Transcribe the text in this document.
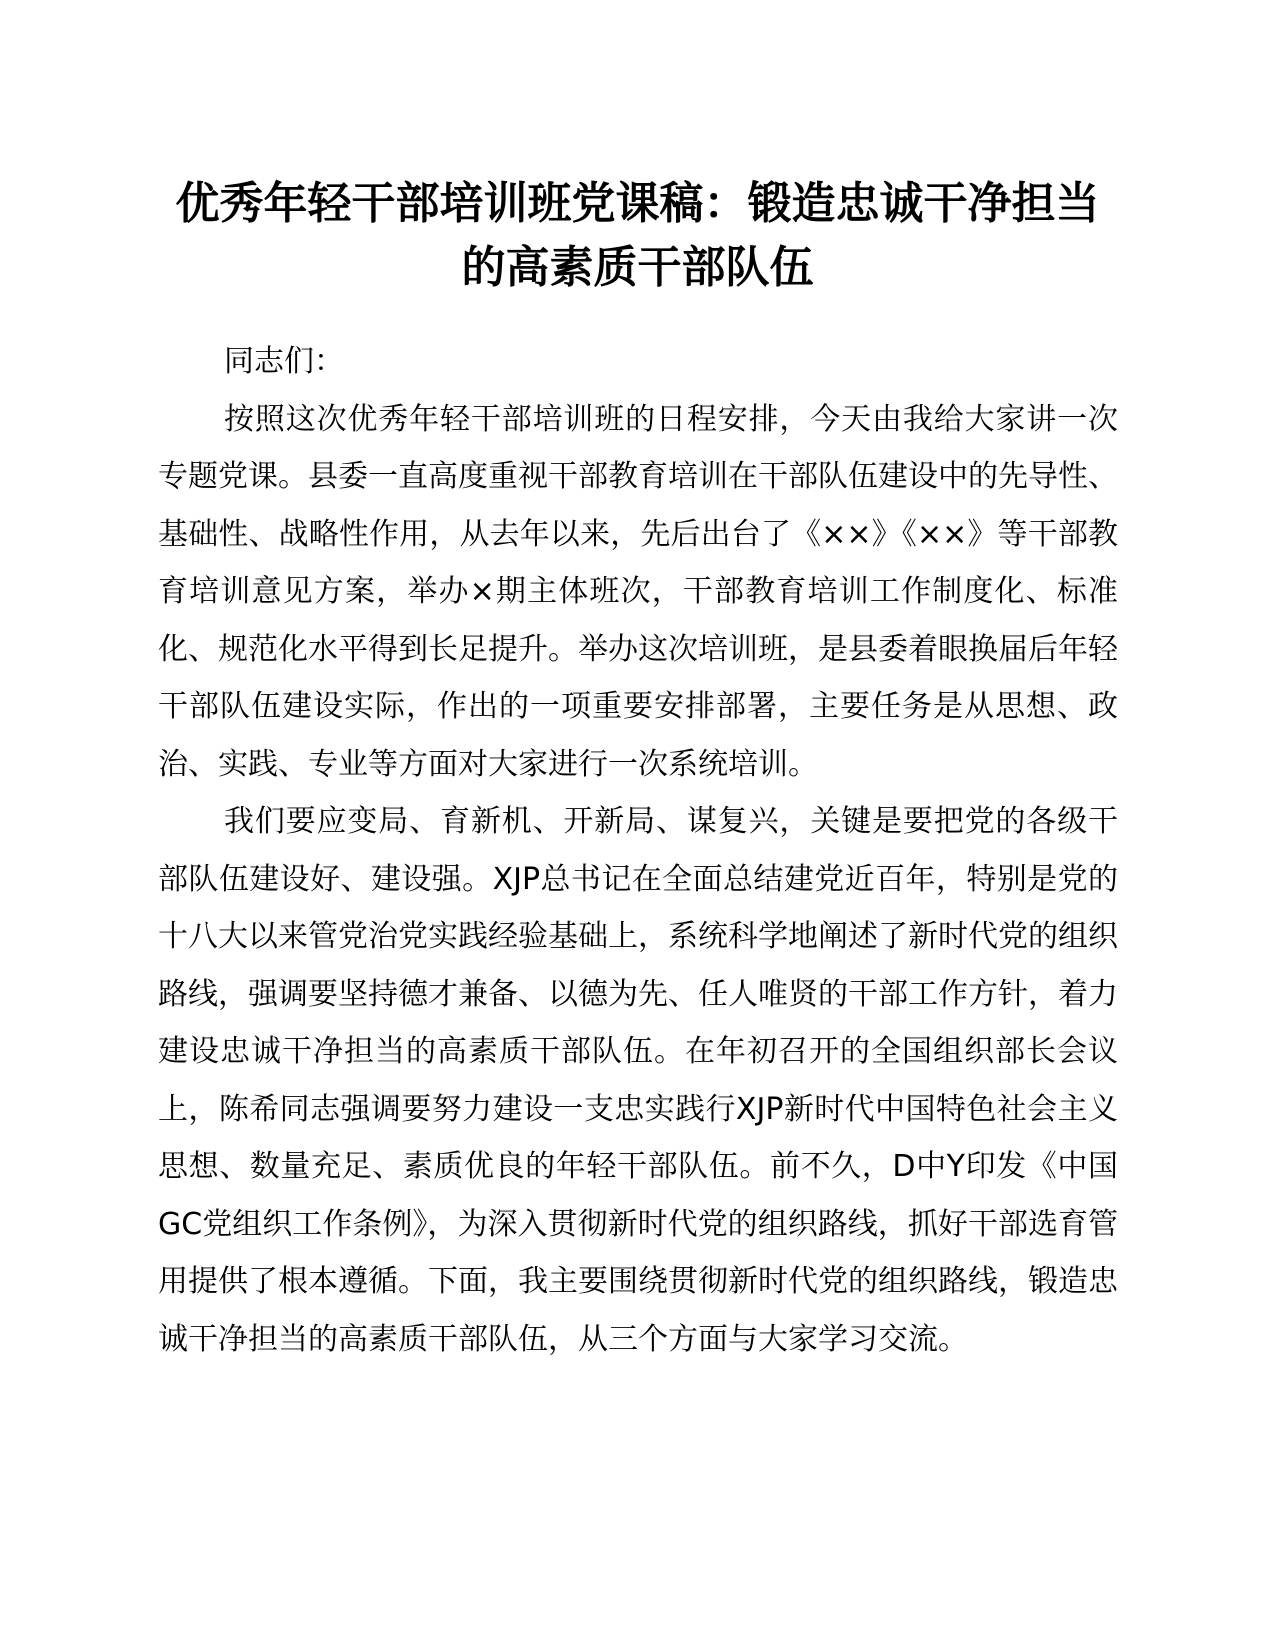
优秀年轻干部培训班党课稿：锻造忠诚干净担当
的高素质干部队伍

同志们：

按照这次优秀年轻干部培训班的日程安排，今天由我给大家讲一次专题党课。县委一直高度重视干部教育培训在干部队伍建设中的先导性、基础性、战略性作用，从去年以来，先后出台了《××》《××》等干部教育培训意见方案，举办×期主体班次，干部教育培训工作制度化、标准化、规范化水平得到长足提升。举办这次培训班，是县委着眼换届后年轻干部队伍建设实际，作出的一项重要安排部署，主要任务是从思想、政治、实践、专业等方面对大家进行一次系统培训。

我们要应变局、育新机、开新局、谋复兴，关键是要把党的各级干部队伍建设好、建设强。XJP总书记在全面总结建党近百年，特别是党的十八大以来管党治党实践经验基础上，系统科学地阐述了新时代党的组织路线，强调要坚持德才兼备、以德为先、任人唯贤的干部工作方针，着力建设忠诚干净担当的高素质干部队伍。在年初召开的全国组织部长会议上，陈希同志强调要努力建设一支忠实践行XJP新时代中国特色社会主义思想、数量充足、素质优良的年轻干部队伍。前不久，D中Y印发《中国GC党组织工作条例》，为深入贯彻新时代党的组织路线，抓好干部选育管用提供了根本遵循。下面，我主要围绕贯彻新时代党的组织路线，锻造忠诚干净担当的高素质干部队伍，从三个方面与大家学习交流。
